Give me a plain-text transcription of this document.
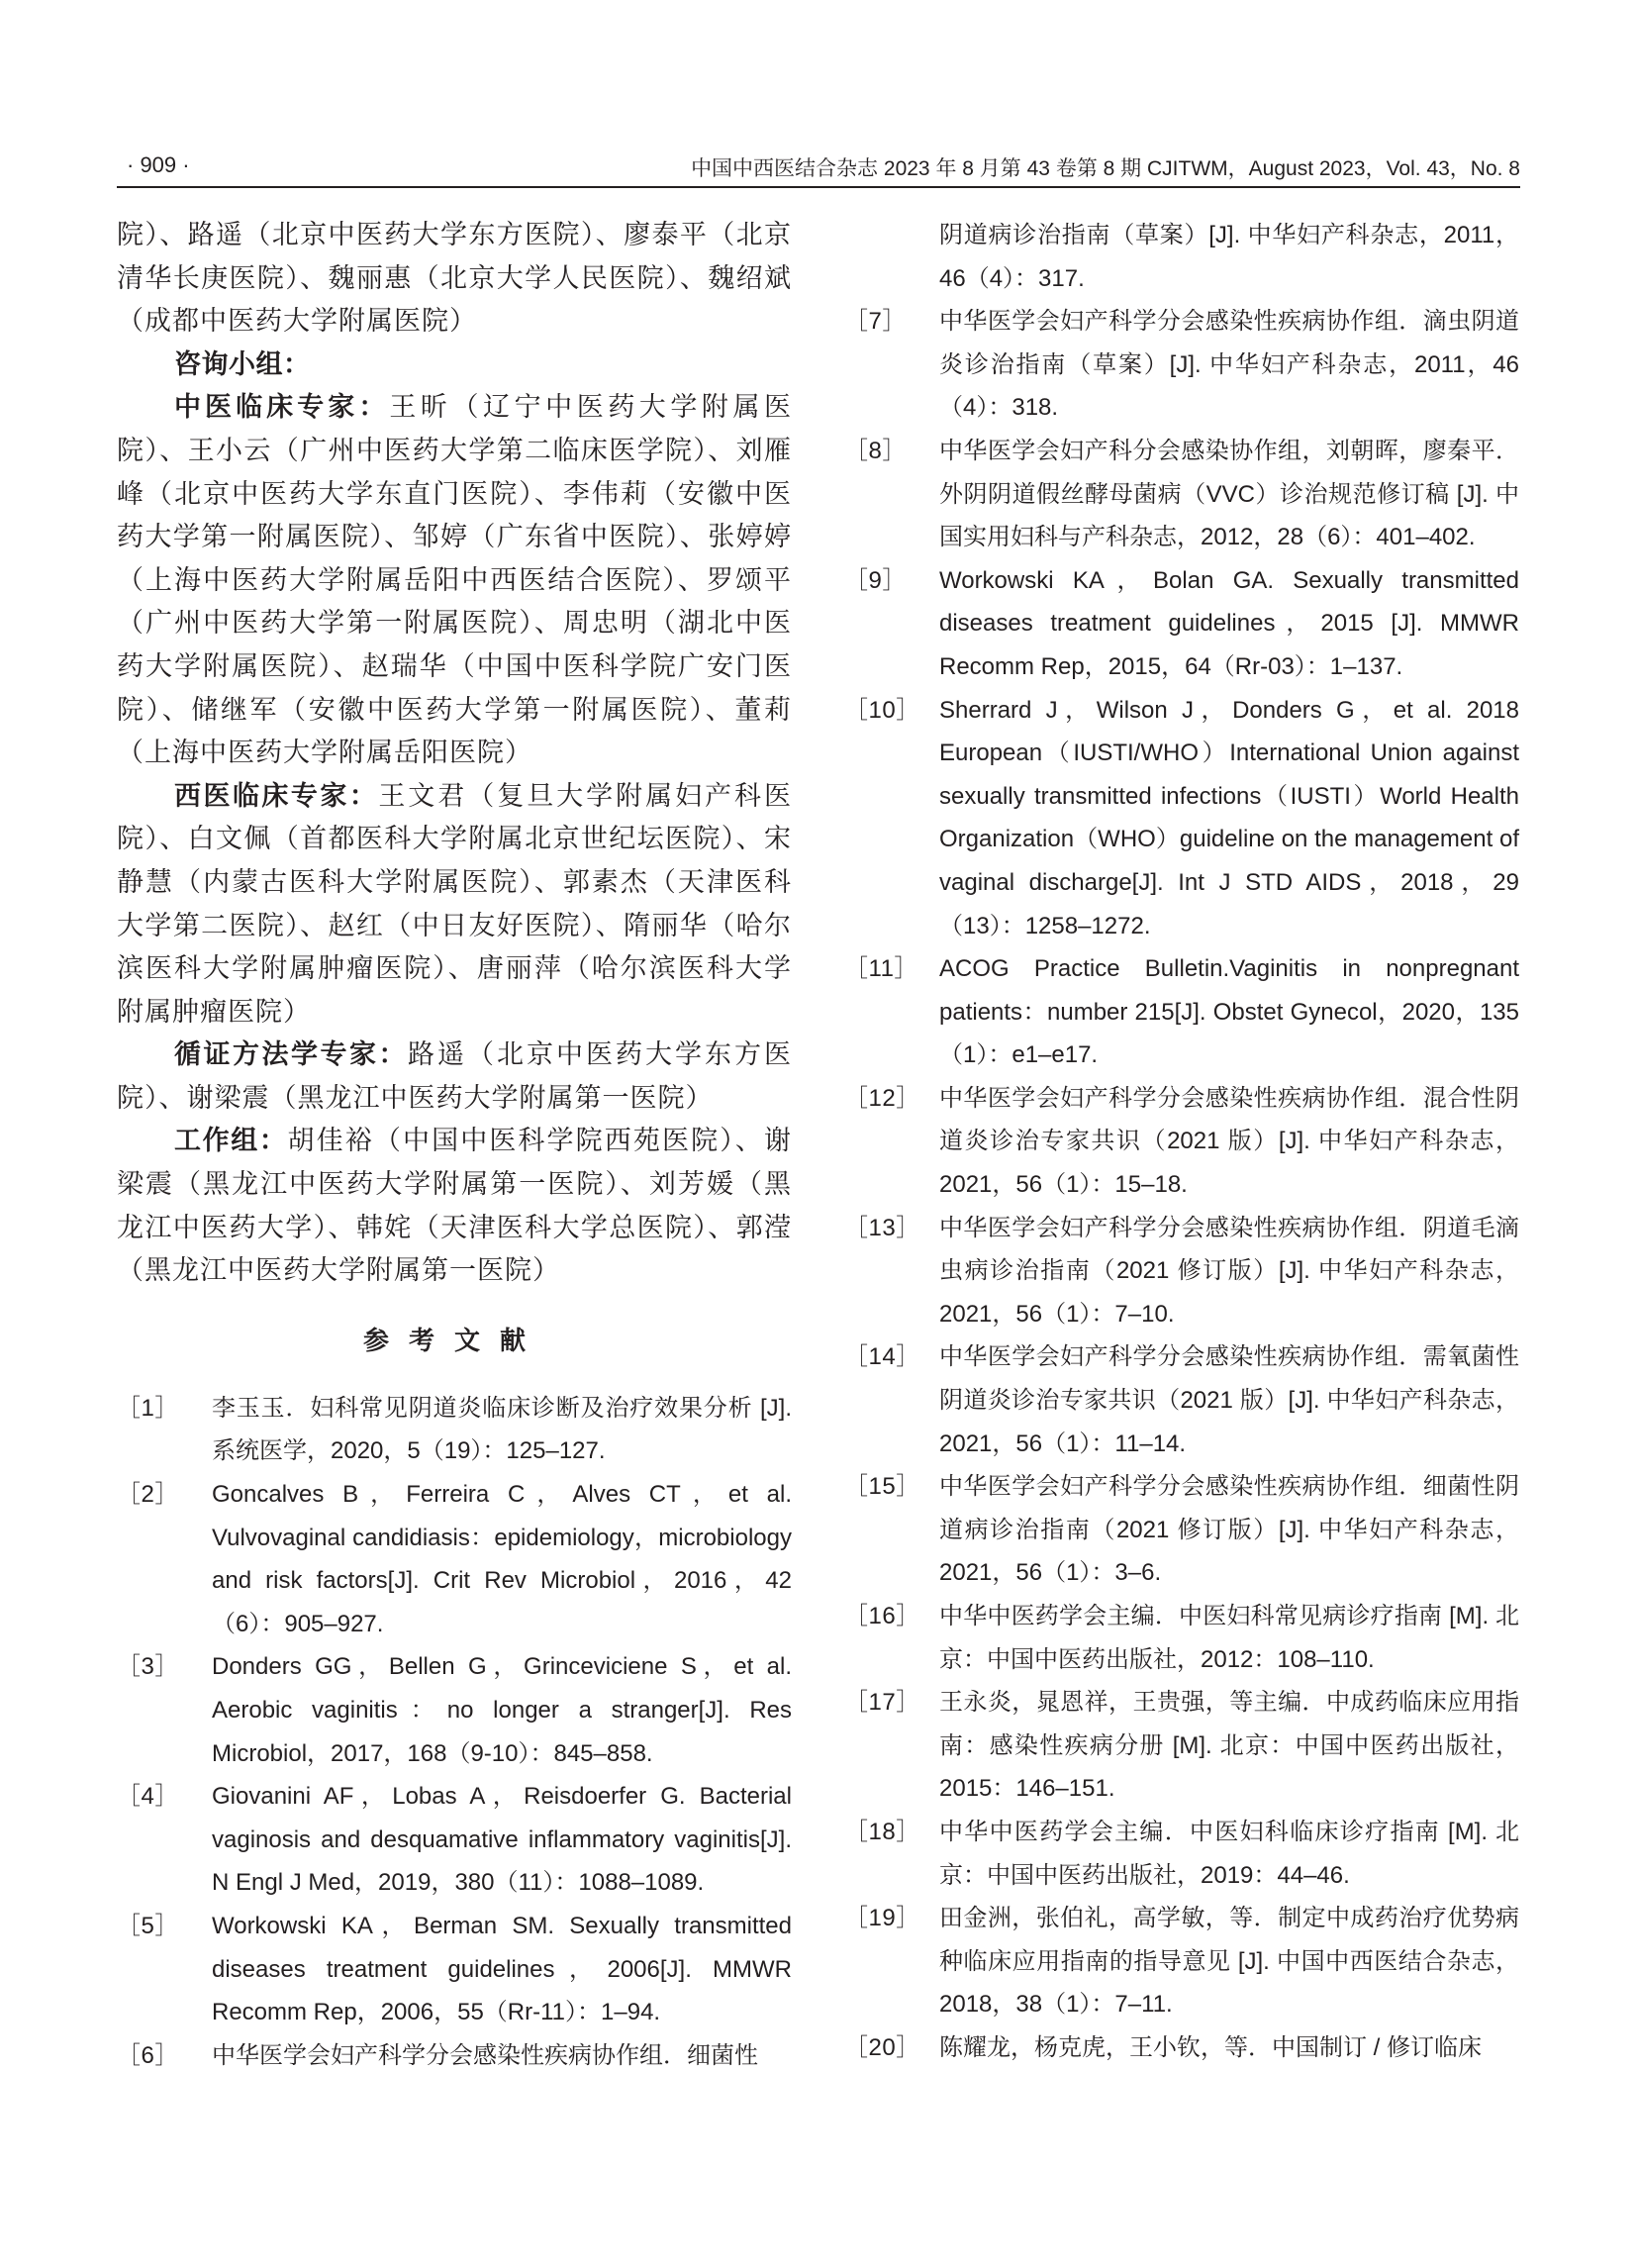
· 909 ·	中国中西医结合杂志 2023 年 8 月第 43 卷第 8 期 CJITWM，August 2023，Vol. 43，No. 8

院）、路遥（北京中医药大学东方医院）、廖泰平（北京清华长庚医院）、魏丽惠（北京大学人民医院）、魏绍斌（成都中医药大学附属医院）

咨询小组：

中医临床专家：王昕（辽宁中医药大学附属医院）、王小云（广州中医药大学第二临床医学院）、刘雁峰（北京中医药大学东直门医院）、李伟莉（安徽中医药大学第一附属医院）、邹婷（广东省中医院）、张婷婷（上海中医药大学附属岳阳中西医结合医院）、罗颂平（广州中医药大学第一附属医院）、周忠明（湖北中医药大学附属医院）、赵瑞华（中国中医科学院广安门医院）、储继军（安徽中医药大学第一附属医院）、董莉（上海中医药大学附属岳阳医院）

西医临床专家：王文君（复旦大学附属妇产科医院）、白文佩（首都医科大学附属北京世纪坛医院）、宋静慧（内蒙古医科大学附属医院）、郭素杰（天津医科大学第二医院）、赵红（中日友好医院）、隋丽华（哈尔滨医科大学附属肿瘤医院）、唐丽萍（哈尔滨医科大学附属肿瘤医院）

循证方法学专家：路遥（北京中医药大学东方医院）、谢梁震（黑龙江中医药大学附属第一医院）

工作组：胡佳裕（中国中医科学院西苑医院）、谢梁震（黑龙江中医药大学附属第一医院）、刘芳媛（黑龙江中医药大学）、韩姹（天津医科大学总医院）、郭滢（黑龙江中医药大学附属第一医院）

参考文献
［1］	李玉玉．妇科常见阴道炎临床诊断及治疗效果分析 [J]. 系统医学，2020，5（19）：125–127.
［2］	Goncalves B，Ferreira C，Alves CT，et al. Vulvovaginal candidiasis：epidemiology，microbiology and risk factors[J]. Crit Rev Microbiol，2016，42（6）：905–927.
［3］	Donders GG，Bellen G，Grinceviciene S，et al. Aerobic vaginitis：no longer a stranger[J]. Res Microbiol，2017，168（9-10）：845–858.
［4］	Giovanini AF，Lobas A，Reisdoerfer G. Bacterial vaginosis and desquamative inflammatory vaginitis[J]. N Engl J Med，2019，380（11）：1088–1089.
［5］	Workowski KA，Berman SM. Sexually transmitted diseases treatment guidelines，2006[J]. MMWR Recomm Rep，2006，55（Rr-11）：1–94.
［6］	中华医学会妇产科学分会感染性疾病协作组．细菌性
阴道病诊治指南（草案）[J]. 中华妇产科杂志，2011，46（4）：317.
［7］	中华医学会妇产科学分会感染性疾病协作组．滴虫阴道炎诊治指南（草案）[J]. 中华妇产科杂志，2011，46（4）：318.
［8］	中华医学会妇产科分会感染协作组，刘朝晖，廖秦平．外阴阴道假丝酵母菌病（VVC）诊治规范修订稿 [J]. 中国实用妇科与产科杂志，2012，28（6）：401–402.
［9］	Workowski KA，Bolan GA. Sexually transmitted diseases treatment guidelines，2015 [J]. MMWR Recomm Rep，2015，64（Rr-03）：1–137.
［10］ Sherrard J，Wilson J，Donders G，et al. 2018 European（IUSTI/WHO）International Union against sexually transmitted infections（IUSTI）World Health Organization（WHO）guideline on the management of vaginal discharge[J]. Int J STD AIDS，2018，29（13）：1258–1272.
［11］ ACOG Practice Bulletin.Vaginitis in nonpregnant patients：number 215[J]. Obstet Gynecol，2020，135（1）：e1–e17.
［12］ 中华医学会妇产科学分会感染性疾病协作组．混合性阴道炎诊治专家共识（2021 版）[J]. 中华妇产科杂志，2021，56（1）：15–18.
［13］ 中华医学会妇产科学分会感染性疾病协作组．阴道毛滴虫病诊治指南（2021 修订版）[J]. 中华妇产科杂志，2021，56（1）：7–10.
［14］ 中华医学会妇产科学分会感染性疾病协作组．需氧菌性阴道炎诊治专家共识（2021 版）[J]. 中华妇产科杂志，2021，56（1）：11–14.
［15］ 中华医学会妇产科学分会感染性疾病协作组．细菌性阴道病诊治指南（2021 修订版）[J]. 中华妇产科杂志，2021，56（1）：3–6.
［16］ 中华中医药学会主编．中医妇科常见病诊疗指南 [M]. 北京：中国中医药出版社，2012：108–110.
［17］ 王永炎，晁恩祥，王贵强，等主编．中成药临床应用指南：感染性疾病分册 [M]. 北京：中国中医药出版社，2015：146–151.
［18］ 中华中医药学会主编．中医妇科临床诊疗指南 [M]. 北京：中国中医药出版社，2019：44–46.
［19］ 田金洲，张伯礼，高学敏，等．制定中成药治疗优势病种临床应用指南的指导意见 [J]. 中国中西医结合杂志，2018，38（1）：7–11.
［20］ 陈耀龙，杨克虎，王小钦，等．中国制订 / 修订临床
